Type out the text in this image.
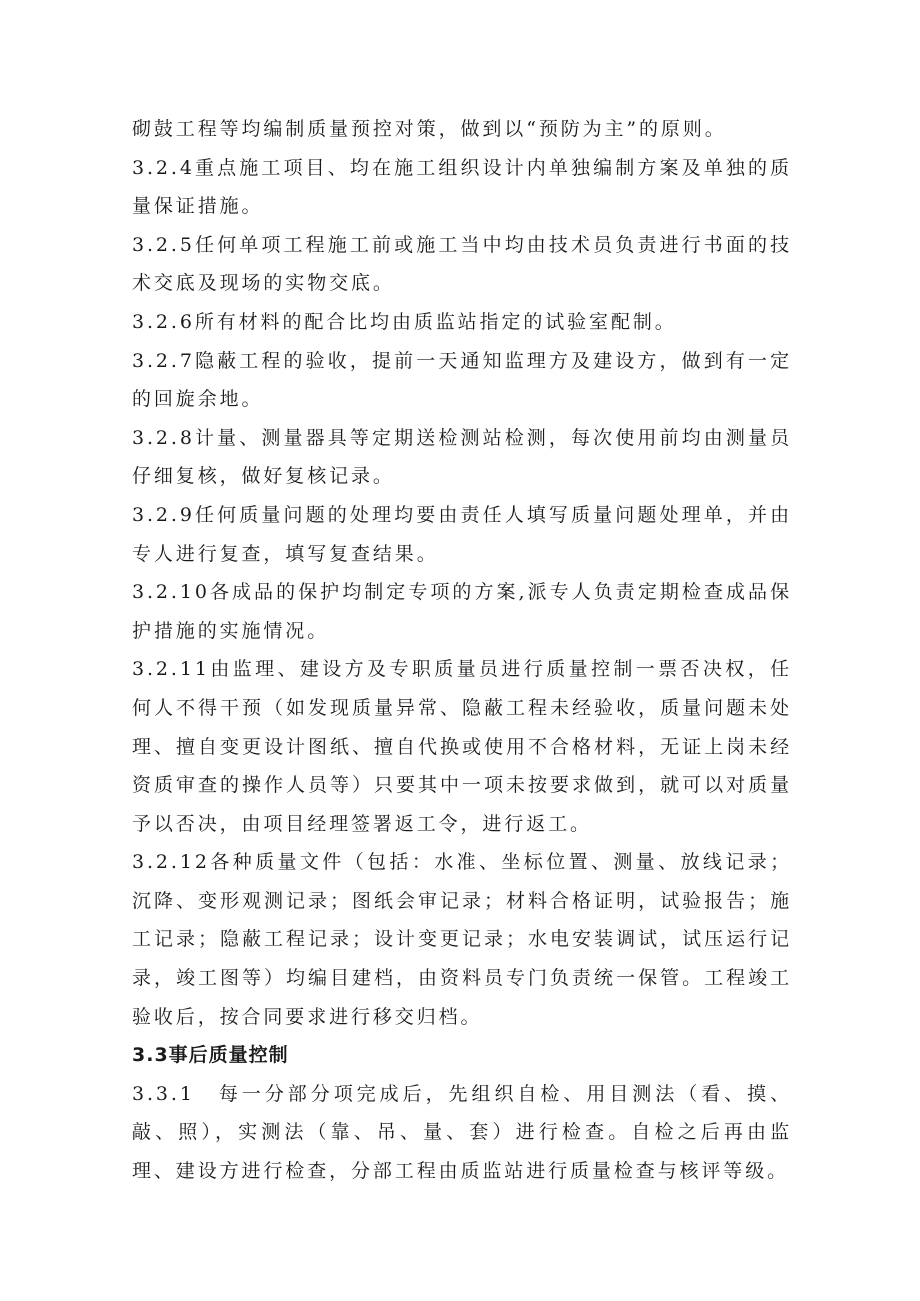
砌鼓工程等均编制质量预控对策，做到以“预防为主”的原则。

3.2.4重点施工项目、均在施工组织设计内单独编制方案及单独的质量保证措施。

3.2.5任何单项工程施工前或施工当中均由技术员负责进行书面的技术交底及现场的实物交底。

3.2.6所有材料的配合比均由质监站指定的试验室配制。

3.2.7隐蔽工程的验收，提前一天通知监理方及建设方，做到有一定的回旋余地。

3.2.8计量、测量器具等定期送检测站检测，每次使用前均由测量员仔细复核，做好复核记录。

3.2.9任何质量问题的处理均要由责任人填写质量问题处理单，并由专人进行复查，填写复查结果。

3.2.10各成品的保护均制定专项的方案,派专人负责定期检查成品保护措施的实施情况。

3.2.11由监理、建设方及专职质量员进行质量控制一票否决权，任何人不得干预（如发现质量异常、隐蔽工程未经验收，质量问题未处理、擅自变更设计图纸、擅自代换或使用不合格材料，无证上岗未经资质审查的操作人员等）只要其中一项未按要求做到，就可以对质量予以否决，由项目经理签署返工令，进行返工。

3.2.12各种质量文件（包括：水准、坐标位置、测量、放线记录；沉降、变形观测记录；图纸会审记录；材料合格证明，试验报告；施工记录；隐蔽工程记录；设计变更记录；水电安装调试，试压运行记录，竣工图等）均编目建档，由资料员专门负责统一保管。工程竣工验收后，按合同要求进行移交归档。

3.3事后质量控制

3.3.1　每一分部分项完成后，先组织自检、用目测法（看、摸、敲、照），实测法（靠、吊、量、套）进行检查。自检之后再由监理、建设方进行检查，分部工程由质监站进行质量检查与核评等级。
